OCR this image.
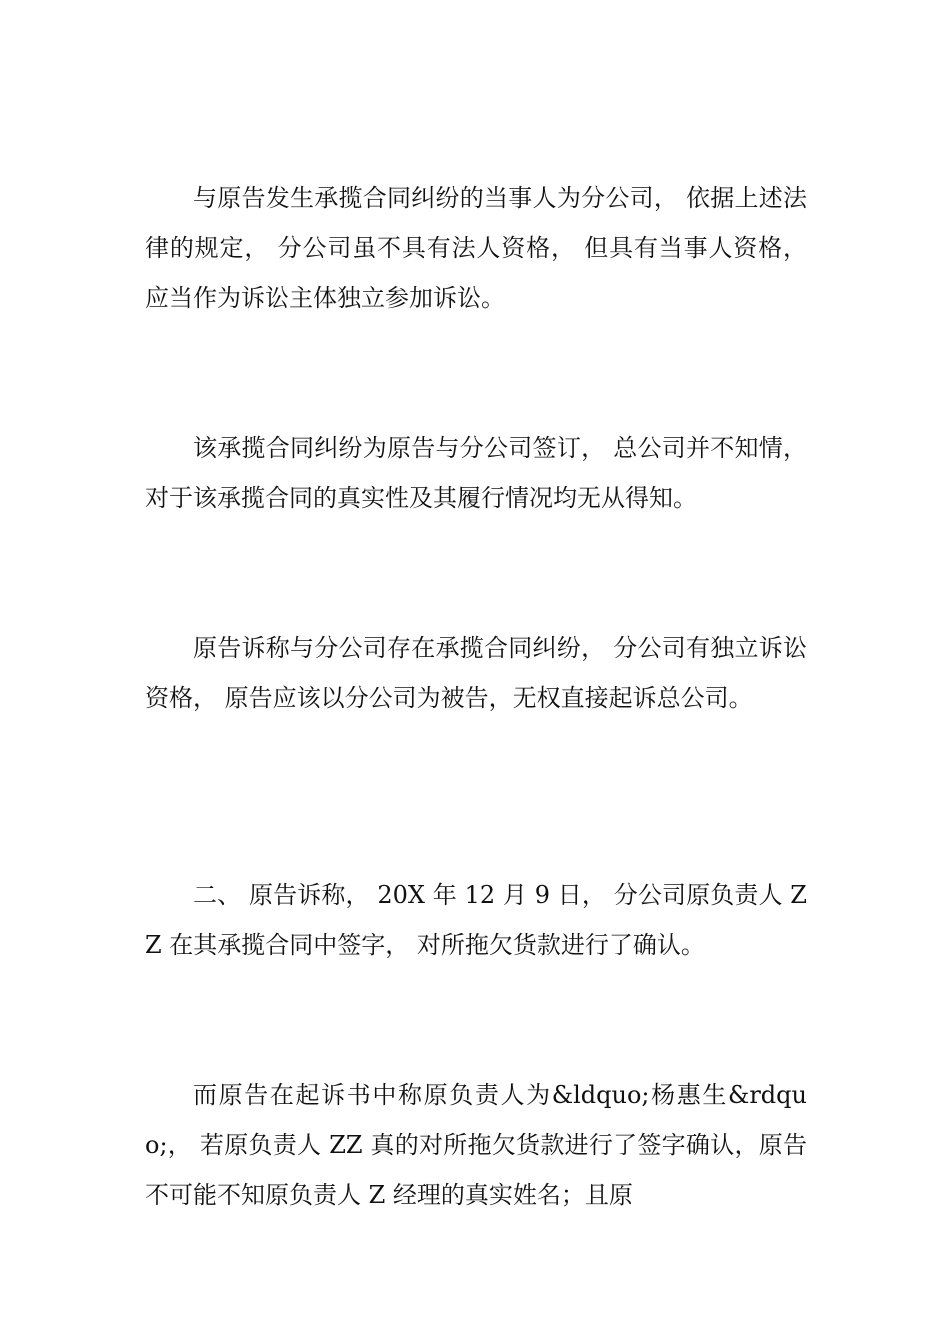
与原告发生承揽合同纠纷的当事人为分公司， 依据上述法律的规定， 分公司虽不具有法人资格， 但具有当事人资格， 应当作为诉讼主体独立参加诉讼。

该承揽合同纠纷为原告与分公司签订， 总公司并不知情， 对于该承揽合同的真实性及其履行情况均无从得知。

原告诉称与分公司存在承揽合同纠纷， 分公司有独立诉讼资格， 原告应该以分公司为被告，无权直接起诉总公司。

二、 原告诉称， 20X 年 12 月 9 日， 分公司原负责人 ZZ 在其承揽合同中签字， 对所拖欠货款进行了确认。

而原告在起诉书中称原负责人为&ldquo;杨惠生&rdquo;， 若原负责人 ZZ 真的对所拖欠货款进行了签字确认，原告不可能不知原负责人 Z 经理的真实姓名；且原
